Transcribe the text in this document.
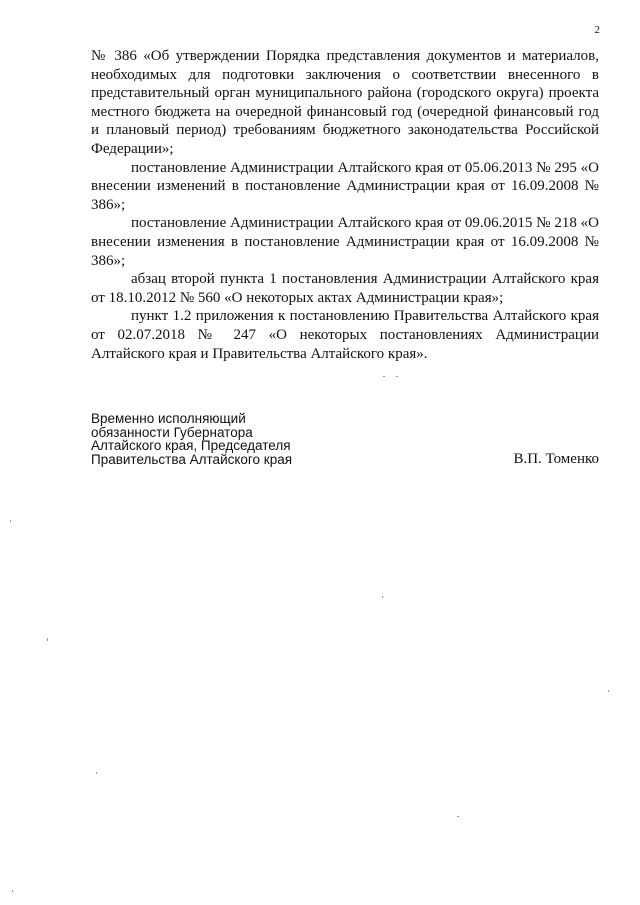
2

№ 386 «Об утверждении Порядка представления документов и материалов, необходимых для подготовки заключения о соответствии внесенного в представительный орган муниципального района (городского округа) проекта местного бюджета на очередной финансовый год (очередной финансовый год и плановый период) требованиям бюджетного законодательства Российской Федерации»;

постановление Администрации Алтайского края от 05.06.2013 № 295 «О внесении изменений в постановление Администрации края от 16.09.2008 № 386»;

постановление Администрации Алтайского края от 09.06.2015 № 218 «О внесении изменения в постановление Администрации края от 16.09.2008 № 386»;

абзац второй пункта 1 постановления Администрации Алтайского края от 18.10.2012 № 560 «О некоторых актах Администрации края»;

пункт 1.2 приложения к постановлению Правительства Алтайского края от 02.07.2018 № 247 «О некоторых постановлениях Администрации Алтайского края и Правительства Алтайского края».

Временно исполняющий
обязанности Губернатора
Алтайского края, Председателя
Правительства Алтайского края	В.П. Томенко
